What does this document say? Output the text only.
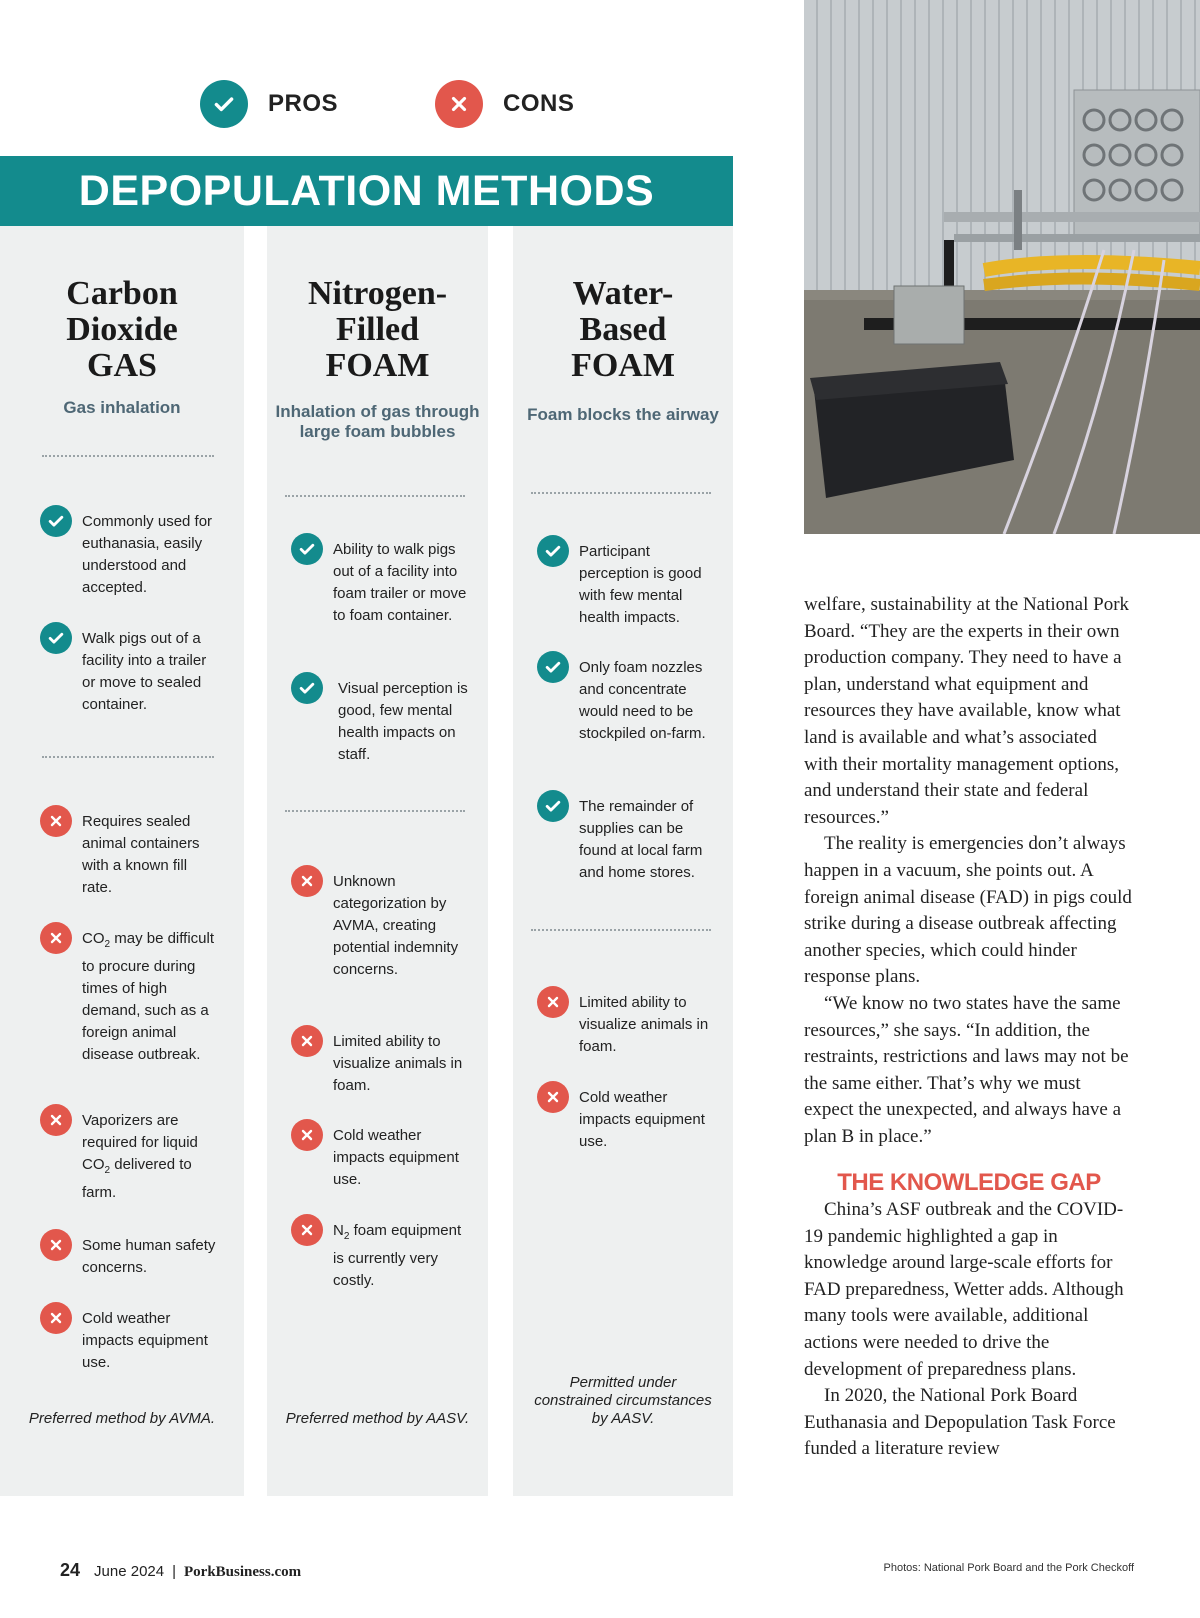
PROS	CONS
DEPOPULATION METHODS
Carbon
Dioxide
GAS
Gas inhalation
Commonly used for euthanasia, easily understood and accepted.
Walk pigs out of a facility into a trailer or move to sealed container.
Requires sealed animal containers with a known fill rate.
$CO_2$ may be difficult to procure during times of high demand, such as a foreign animal disease outbreak.
Vaporizers are required for liquid $CO_2$ delivered to farm.
Some human safety concerns.
Cold weather impacts equipment use.
Preferred method by AVMA.
Nitrogen-
Filled
FOAM
Inhalation of gas through large foam bubbles
Ability to walk pigs out of a facility into foam trailer or move to foam container.
Visual perception is good, few mental health impacts on staff.
Unknown categorization by AVMA, creating potential indemnity concerns.
Limited ability to visualize animals in foam.
Cold weather impacts equipment use.
$N_2$ foam equipment is currently very costly.
Preferred method by AASV.
Water-
Based
FOAM
Foam blocks the airway
Participant perception is good with few mental health impacts.
Only foam nozzles and concentrate would need to be stockpiled on-farm.
The remainder of supplies can be found at local farm and home stores.
Limited ability to visualize animals in foam.
Cold weather impacts equipment use.
Permitted under constrained circumstances by AASV.

welfare, sustainability at the National Pork Board. “They are the experts in their own production company. They need to have a plan, understand what equipment and resources they have available, know what land is available and what’s associated with their mortality management options, and understand their state and federal resources.”

The reality is emergencies don’t always happen in a vacuum, she points out. A foreign animal disease (FAD) in pigs could strike during a disease outbreak affecting another species, which could hinder response plans.

“We know no two states have the same resources,” she says. “In addition, the restraints, restrictions and laws may not be the same either. That’s why we must expect the unexpected, and always have a plan B in place.”

THE KNOWLEDGE GAP

China’s ASF outbreak and the COVID-19 pandemic highlighted a gap in knowledge around large-scale efforts for FAD preparedness, Wetter adds. Although many tools were available, additional actions were needed to drive the development of preparedness plans.

In 2020, the National Pork Board Euthanasia and Depopulation Task Force funded a literature review

24 June 2024 | PorkBusiness.com	Photos: National Pork Board and the Pork Checkoff
